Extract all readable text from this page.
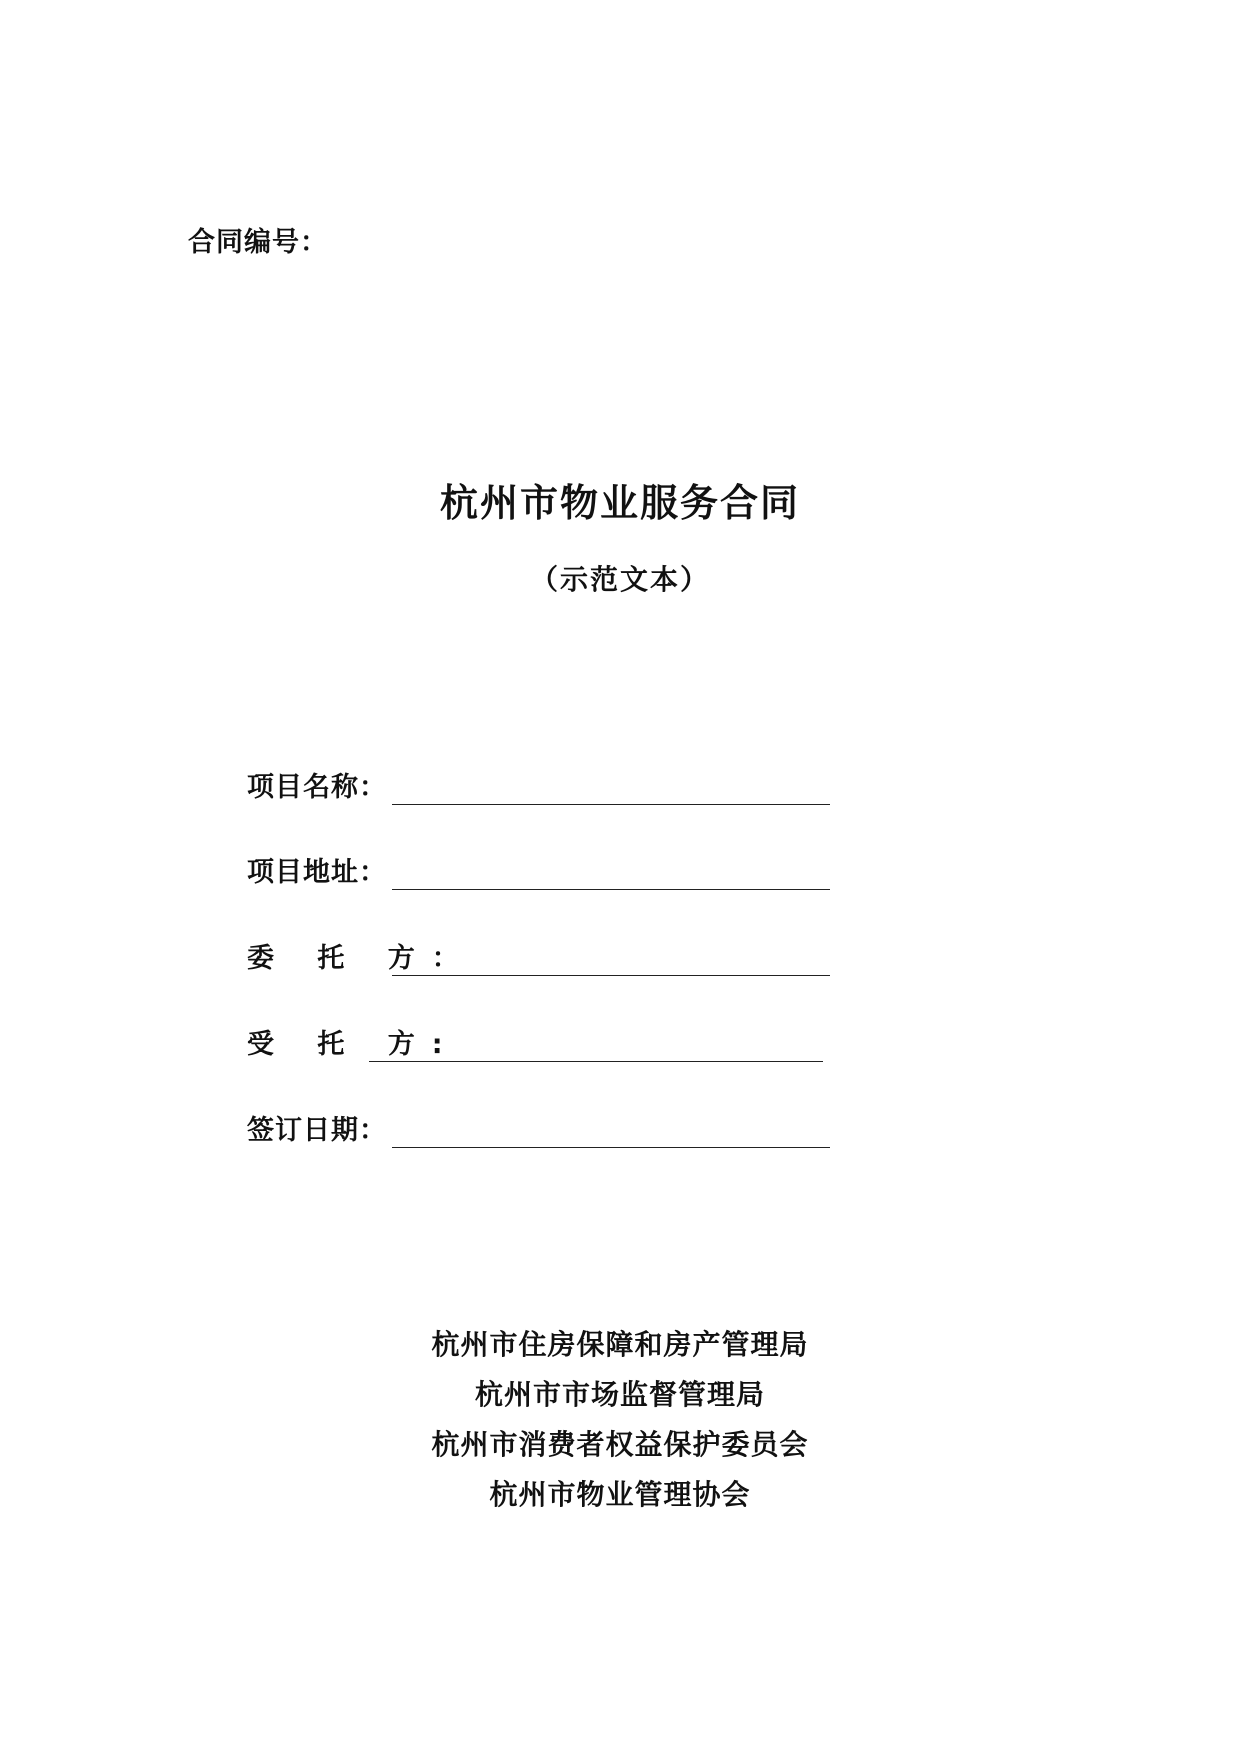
合同编号：
杭州市物业服务合同
（示范文本）
项目名称：
项目地址：
委 托 方：
受 托 方:
签订日期：
杭州市住房保障和房产管理局
杭州市市场监督管理局
杭州市消费者权益保护委员会
杭州市物业管理协会
